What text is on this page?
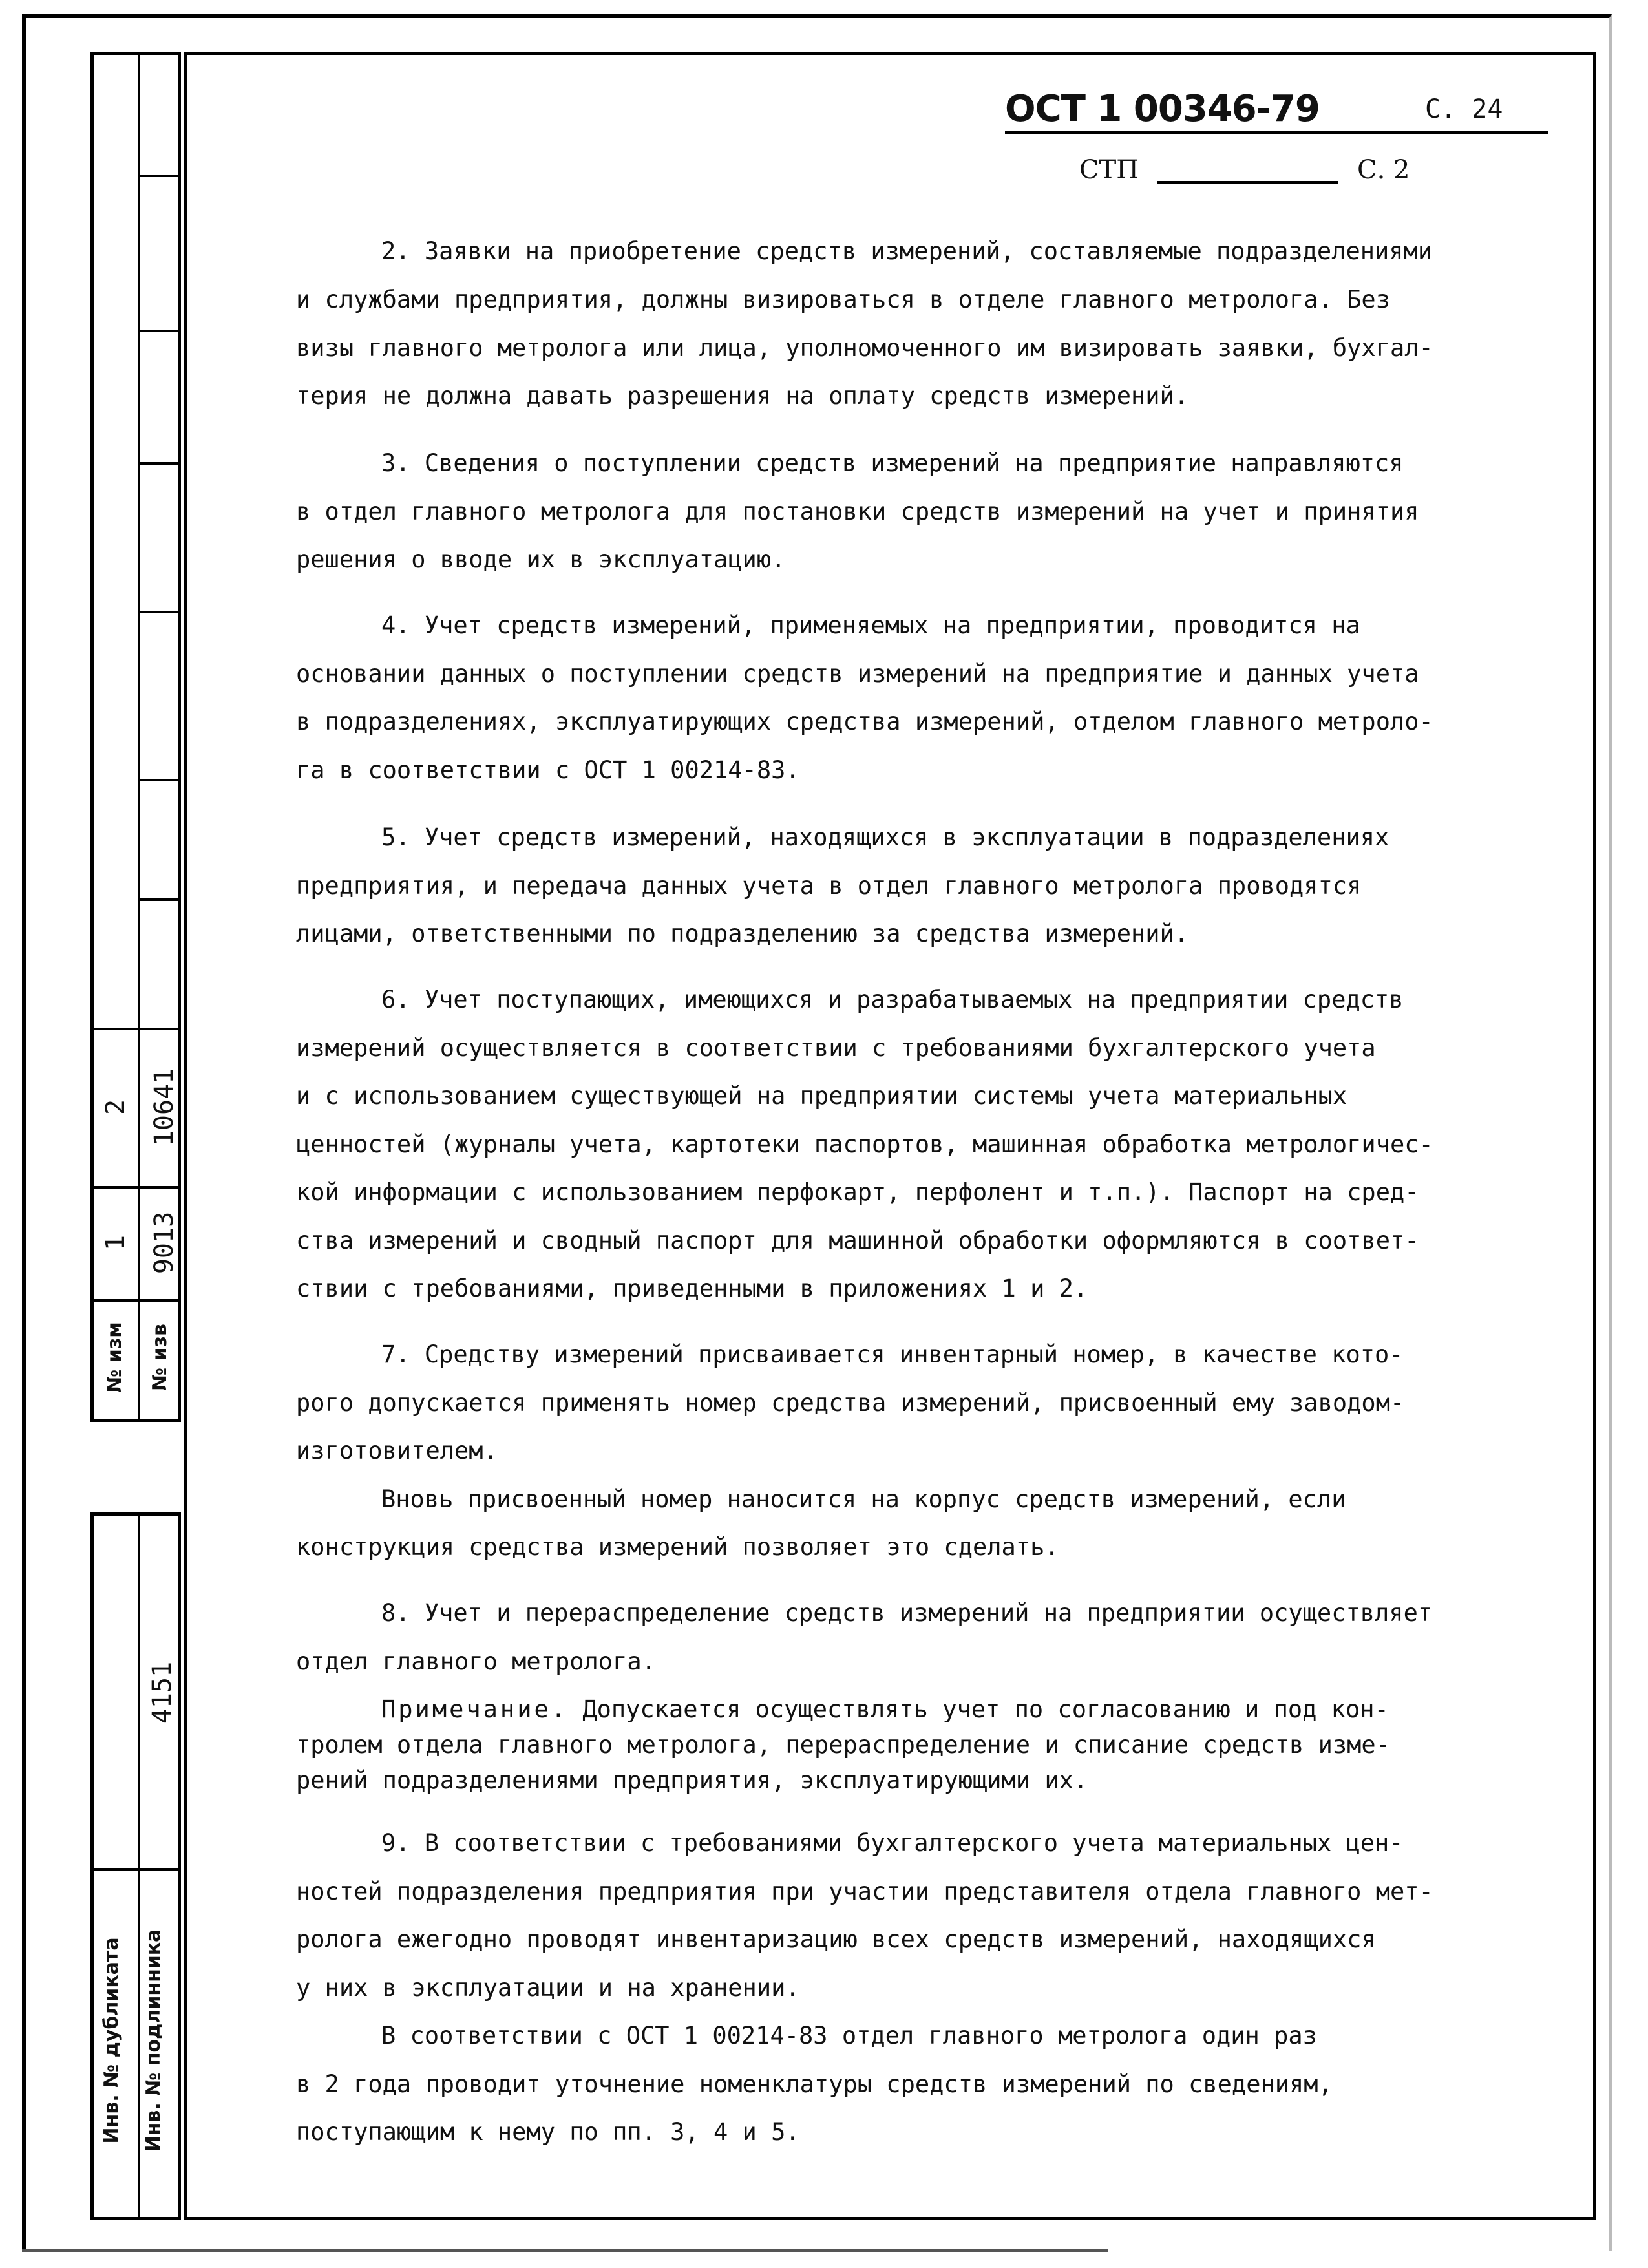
2 10641
1 9013
№ изм № изв
4151
Инв. № дубликата Инв. № подлинника
ОСТ 1 00346-79	С. 24
СТП	С. 2
2. Заявки на приобретение средств измерений, составляемые подразделениями
и службами предприятия, должны визироваться в отделе главного метролога. Без
визы главного метролога или лица, уполномоченного им визировать заявки, бухгал-
терия не должна давать разрешения на оплату средств измерений.
3. Сведения о поступлении средств измерений на предприятие направляются
в отдел главного метролога для постановки средств измерений на учет и принятия
решения о вводе их в эксплуатацию.
4. Учет средств измерений, применяемых на предприятии, проводится на
основании данных о поступлении средств измерений на предприятие и данных учета
в подразделениях, эксплуатирующих средства измерений, отделом главного метроло-
га в соответствии с ОСТ 1 00214-83.
5. Учет средств измерений, находящихся в эксплуатации в подразделениях
предприятия, и передача данных учета в отдел главного метролога проводятся
лицами, ответственными по подразделению за средства измерений.
6. Учет поступающих, имеющихся и разрабатываемых на предприятии средств
измерений осуществляется в соответствии с требованиями бухгалтерского учета
и с использованием существующей на предприятии системы учета материальных
ценностей (журналы учета, картотеки паспортов, машинная обработка метрологичес-
кой информации с использованием перфокарт, перфолент и т.п.). Паспорт на сред-
ства измерений и сводный паспорт для машинной обработки оформляются в соответ-
ствии с требованиями, приведенными в приложениях 1 и 2.
7. Средству измерений присваивается инвентарный номер, в качестве кото-
рого допускается применять номер средства измерений, присвоенный ему заводом-
изготовителем.
Вновь присвоенный номер наносится на корпус средств измерений, если
конструкция средства измерений позволяет это сделать.
8. Учет и перераспределение средств измерений на предприятии осуществляет
отдел главного метролога.
Примечание. Допускается осуществлять учет по согласованию и под кон-
тролем отдела главного метролога, перераспределение и списание средств изме-
рений подразделениями предприятия, эксплуатирующими их.
9. В соответствии с требованиями бухгалтерского учета материальных цен-
ностей подразделения предприятия при участии представителя отдела главного мет-
ролога ежегодно проводят инвентаризацию всех средств измерений, находящихся
у них в эксплуатации и на хранении.
В соответствии с ОСТ 1 00214-83 отдел главного метролога один раз
в 2 года проводит уточнение номенклатуры средств измерений по сведениям,
поступающим к нему по пп. 3, 4 и 5.
